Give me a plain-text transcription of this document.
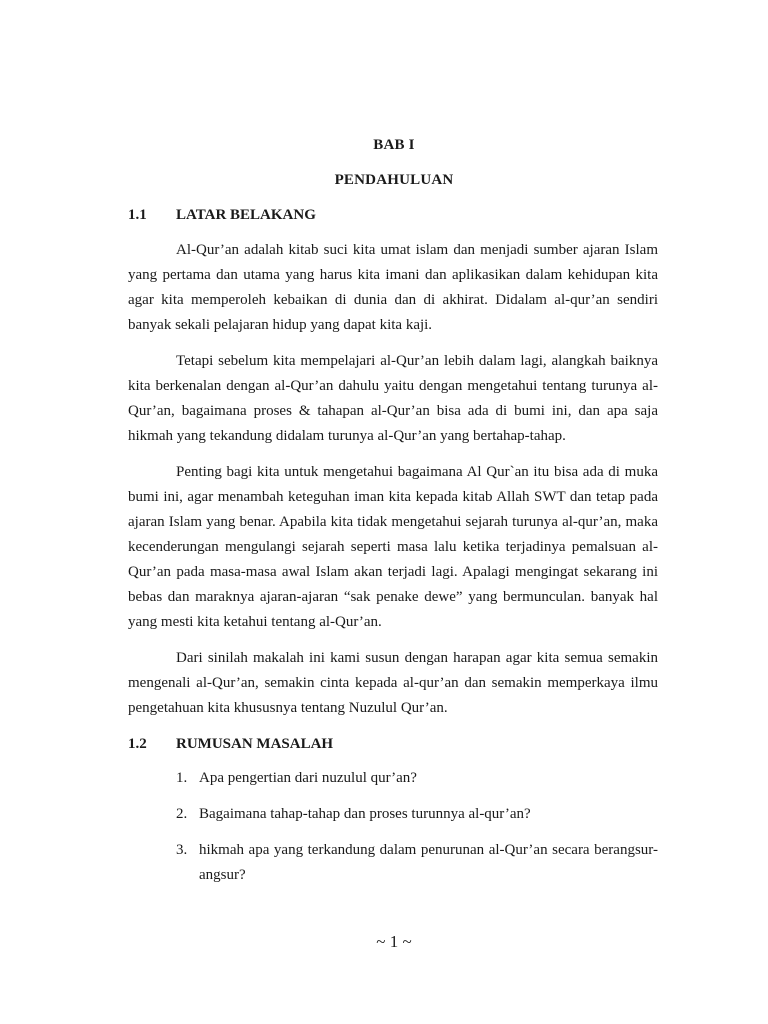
BAB I
PENDAHULUAN
1.1 LATAR BELAKANG

Al-Qur’an adalah kitab suci kita umat islam dan menjadi sumber ajaran Islam yang pertama dan utama yang harus kita imani dan aplikasikan dalam kehidupan kita agar kita memperoleh kebaikan di dunia dan di akhirat. Didalam al-qur’an sendiri banyak sekali pelajaran hidup yang dapat kita kaji.

Tetapi sebelum kita mempelajari al-Qur’an lebih dalam lagi, alangkah baiknya kita berkenalan dengan al-Qur’an dahulu yaitu dengan mengetahui tentang turunya al-Qur’an, bagaimana proses & tahapan al-Qur’an bisa ada di bumi ini, dan apa saja hikmah yang tekandung didalam turunya al-Qur’an yang bertahap-tahap.

Penting bagi kita untuk mengetahui bagaimana Al Qur`an itu bisa ada di muka bumi ini, agar menambah keteguhan iman kita kepada kitab Allah SWT dan tetap pada ajaran Islam yang benar. Apabila kita tidak mengetahui sejarah turunya al-qur’an, maka kecenderungan mengulangi sejarah seperti masa lalu ketika terjadinya pemalsuan al-Qur’an pada masa-masa awal Islam akan terjadi lagi. Apalagi mengingat sekarang ini bebas dan maraknya ajaran-ajaran “sak penake dewe” yang bermunculan. banyak hal yang mesti kita ketahui tentang al-Qur’an.

Dari sinilah makalah ini kami susun dengan harapan agar kita semua semakin mengenali al-Qur’an, semakin cinta kepada al-qur’an dan semakin memperkaya ilmu pengetahuan kita khususnya tentang Nuzulul Qur’an.

1.2 RUMUSAN MASALAH
1. Apa pengertian dari nuzulul qur’an?
2. Bagaimana tahap-tahap dan proses turunnya al-qur’an?
3. hikmah apa yang terkandung dalam penurunan al-Qur’an secara berangsur-angsur?
~ 1 ~
